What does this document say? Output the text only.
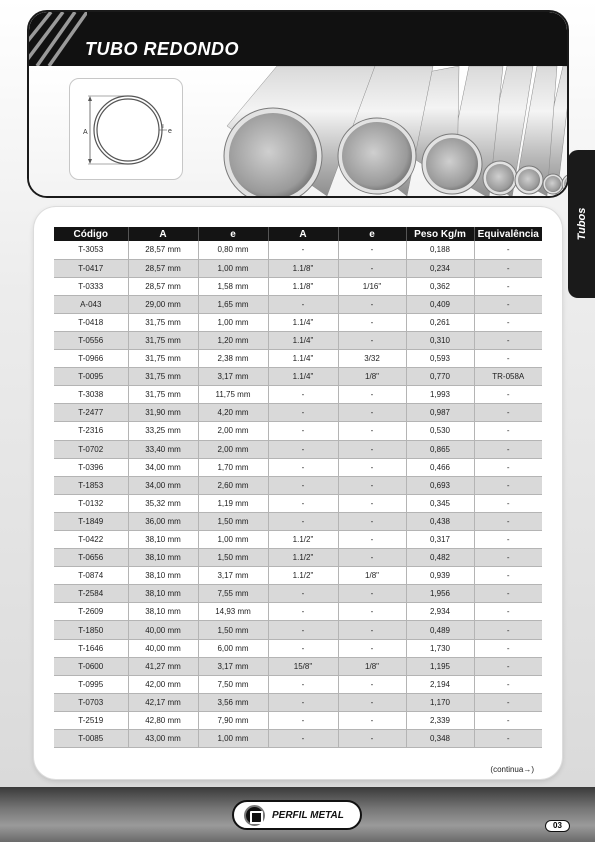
TUBO REDONDO
A	e
Tubos
Código	A	e	A	e	Peso Kg/m	Equivalência
T-3053	28,57 mm	0,80 mm	-	-	0,188	-
T-0417	28,57 mm	1,00 mm	1.1/8"	-	0,234	-
T-0333	28,57 mm	1,58 mm	1.1/8"	1/16"	0,362	-
A-043	29,00 mm	1,65 mm	-	-	0,409	-
T-0418	31,75 mm	1,00 mm	1.1/4"	-	0,261	-
T-0556	31,75 mm	1,20 mm	1.1/4"	-	0,310	-
T-0966	31,75 mm	2,38 mm	1.1/4"	3/32	0,593	-
T-0095	31,75 mm	3,17 mm	1.1/4"	1/8"	0,770	TR-058A
T-3038	31,75 mm	11,75 mm	-	-	1,993	-
T-2477	31,90 mm	4,20 mm	-	-	0,987	-
T-2316	33,25 mm	2,00 mm	-	-	0,530	-
T-0702	33,40 mm	2,00 mm	-	-	0,865	-
T-0396	34,00 mm	1,70 mm	-	-	0,466	-
T-1853	34,00 mm	2,60 mm	-	-	0,693	-
T-0132	35,32 mm	1,19 mm	-	-	0,345	-
T-1849	36,00 mm	1,50 mm	-	-	0,438	-
T-0422	38,10 mm	1,00 mm	1.1/2"	-	0,317	-
T-0656	38,10 mm	1,50 mm	1.1/2"	-	0,482	-
T-0874	38,10 mm	3,17 mm	1.1/2"	1/8"	0,939	-
T-2584	38,10 mm	7,55 mm	-	-	1,956	-
T-2609	38,10 mm	14,93 mm	-	-	2,934	-
T-1850	40,00 mm	1,50 mm	-	-	0,489	-
T-1646	40,00 mm	6,00 mm	-	-	1,730	-
T-0600	41,27 mm	3,17 mm	15/8"	1/8"	1,195	-
T-0995	42,00 mm	7,50 mm	-	-	2,194	-
T-0703	42,17 mm	3,56 mm	-	-	1,170	-
T-2519	42,80 mm	7,90 mm	-	-	2,339	-
T-0085	43,00 mm	1,00 mm	-	-	0,348	-
(continua→)
PERFIL METAL
03
